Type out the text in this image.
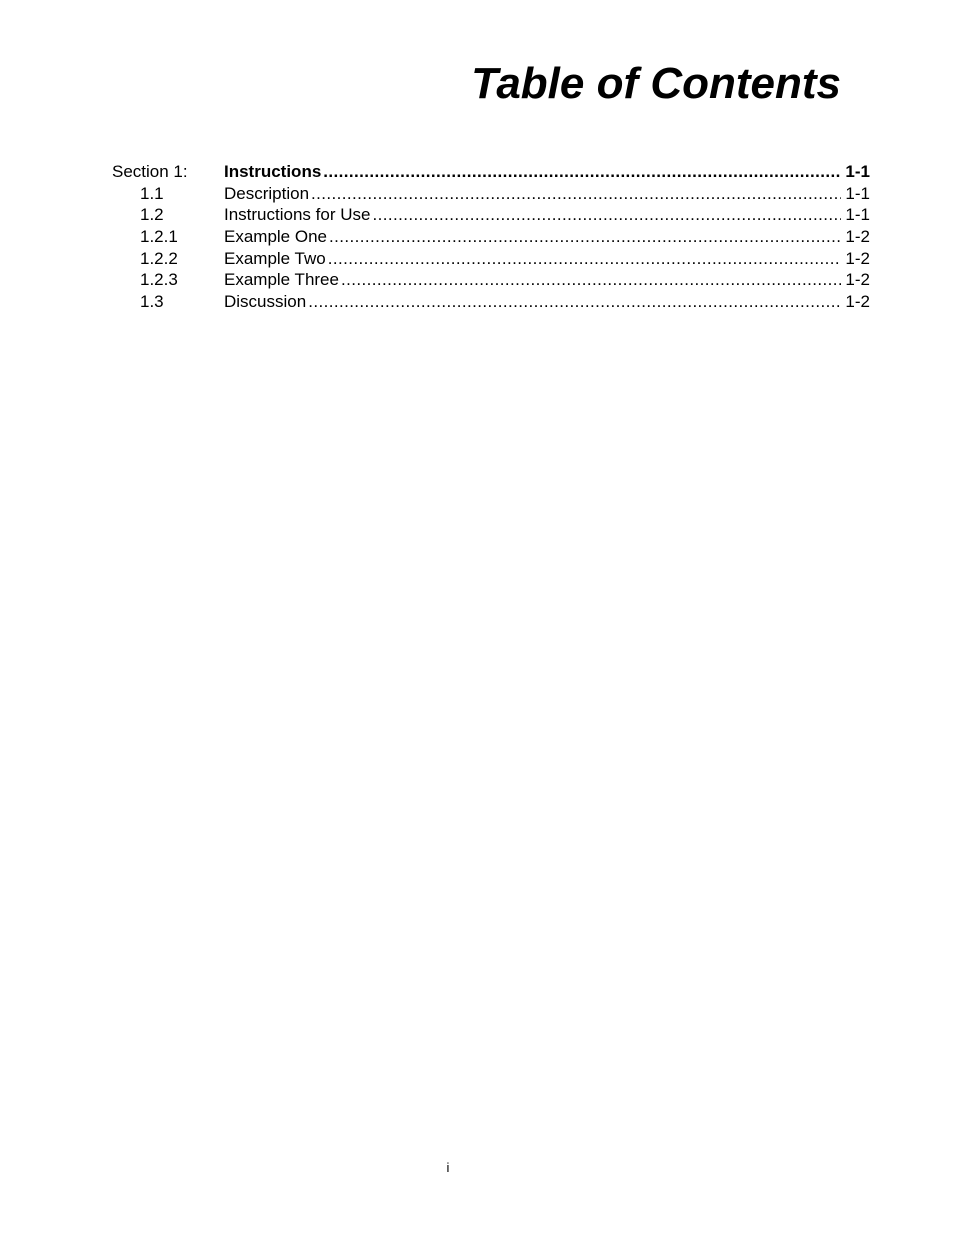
Table of Contents
Section 1:	Instructions .....	1-1
1.1	Description .....	1-1
1.2	Instructions for Use .....	1-1
1.2.1	Example One .....	1-2
1.2.2	Example Two .....	1-2
1.2.3	Example Three .....	1-2
1.3	Discussion .....	1-2
i
